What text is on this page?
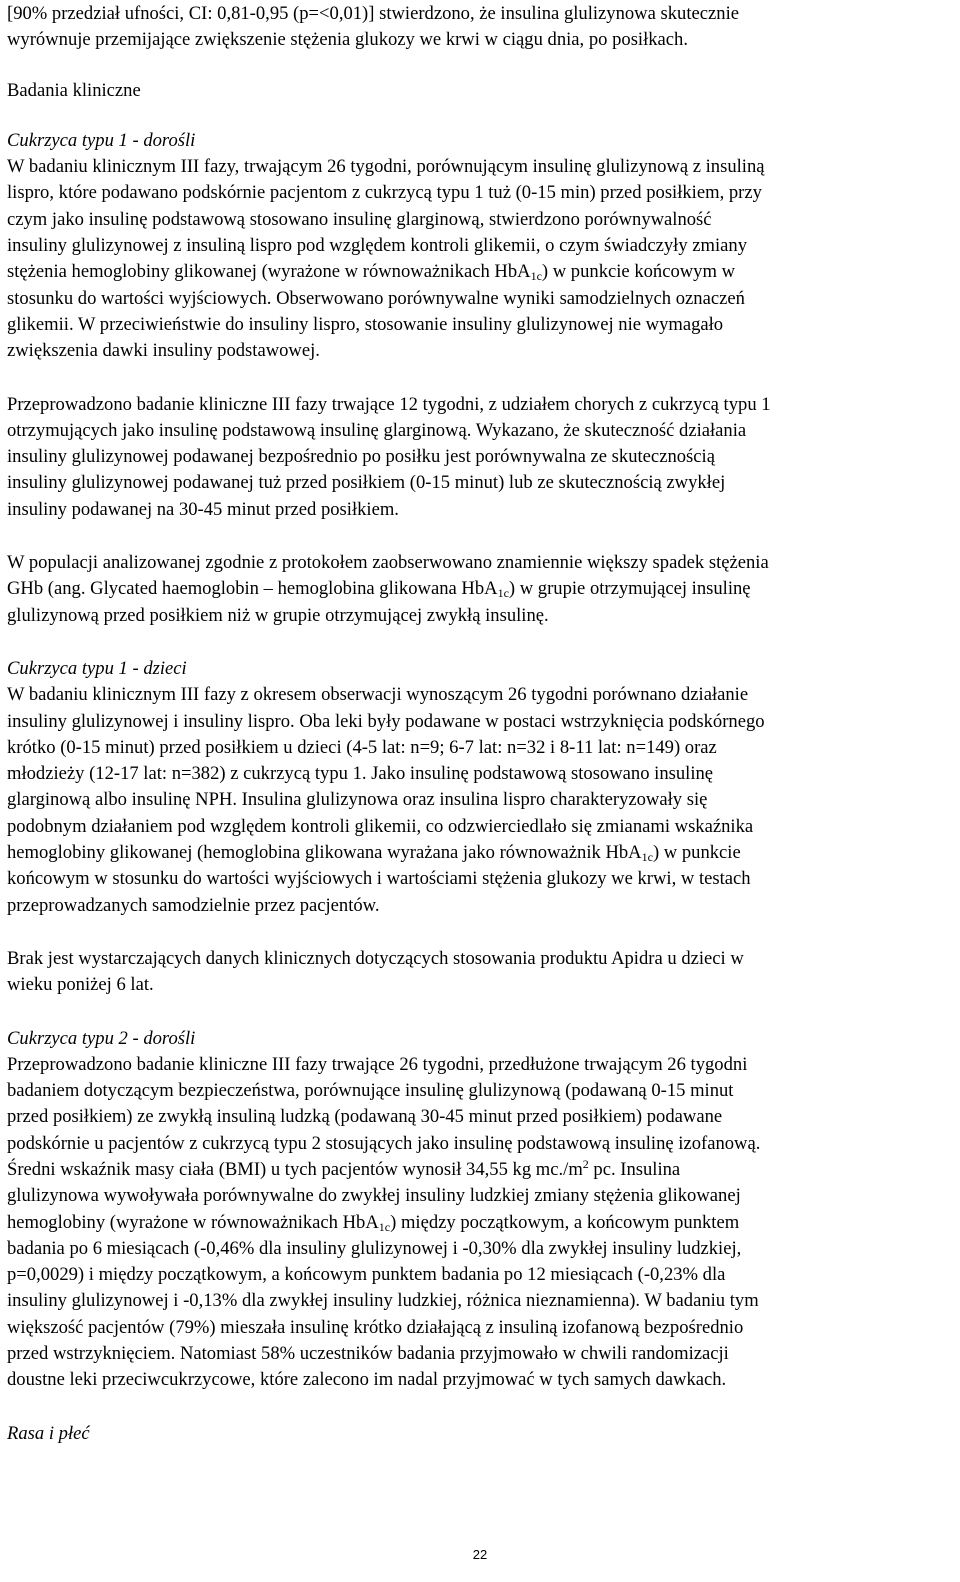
[90% przedział ufności, CI: 0,81-0,95 (p=<0,01)] stwierdzono, że insulina glulizynowa skutecznie
wyrównuje przemijające zwiększenie stężenia glukozy we krwi w ciągu dnia, po posiłkach.
Badania kliniczne
Cukrzyca typu 1 - dorośli
W badaniu klinicznym III fazy, trwającym 26 tygodni, porównującym insulinę glulizynową z insuliną
lispro, które podawano podskórnie pacjentom z cukrzycą typu 1 tuż (0-15 min) przed posiłkiem, przy
czym jako insulinę podstawową stosowano insulinę glarginową, stwierdzono porównywalność
insuliny glulizynowej z insuliną lispro pod względem kontroli glikemii, o czym świadczyły zmiany
stężenia hemoglobiny glikowanej (wyrażone w równoważnikach HbA$_{1c}$) w punkcie końcowym w
stosunku do wartości wyjściowych. Obserwowano porównywalne wyniki samodzielnych oznaczeń
glikemii. W przeciwieństwie do insuliny lispro, stosowanie insuliny glulizynowej nie wymagało
zwiększenia dawki insuliny podstawowej.
Przeprowadzono badanie kliniczne III fazy trwające 12 tygodni, z udziałem chorych z cukrzycą typu 1
otrzymujących jako insulinę podstawową insulinę glarginową. Wykazano, że skuteczność działania
insuliny glulizynowej podawanej bezpośrednio po posiłku jest porównywalna ze skutecznością
insuliny glulizynowej podawanej tuż przed posiłkiem (0-15 minut) lub ze skutecznością zwykłej
insuliny podawanej na 30-45 minut przed posiłkiem.
W populacji analizowanej zgodnie z protokołem zaobserwowano znamiennie większy spadek stężenia
GHb (ang. Glycated haemoglobin – hemoglobina glikowana HbA$_{1c}$) w grupie otrzymującej insulinę
glulizynową przed posiłkiem niż w grupie otrzymującej zwykłą insulinę.
Cukrzyca typu 1 - dzieci
W badaniu klinicznym III fazy z okresem obserwacji wynoszącym 26 tygodni porównano działanie
insuliny glulizynowej i insuliny lispro. Oba leki były podawane w postaci wstrzyknięcia podskórnego
krótko (0-15 minut) przed posiłkiem u dzieci (4-5 lat: n=9; 6-7 lat: n=32 i 8-11 lat: n=149) oraz
młodzieży (12-17 lat: n=382) z cukrzycą typu 1. Jako insulinę podstawową stosowano insulinę
glarginową albo insulinę NPH. Insulina glulizynowa oraz insulina lispro charakteryzowały się
podobnym działaniem pod względem kontroli glikemii, co odzwierciedlało się zmianami wskaźnika
hemoglobiny glikowanej (hemoglobina glikowana wyrażana jako równoważnik HbA$_{1c}$) w punkcie
końcowym w stosunku do wartości wyjściowych i wartościami stężenia glukozy we krwi, w testach
przeprowadzanych samodzielnie przez pacjentów.
Brak jest wystarczających danych klinicznych dotyczących stosowania produktu Apidra u dzieci w
wieku poniżej 6 lat.
Cukrzyca typu 2 - dorośli
Przeprowadzono badanie kliniczne III fazy trwające 26 tygodni, przedłużone trwającym 26 tygodni
badaniem dotyczącym bezpieczeństwa, porównujące insulinę glulizynową (podawaną 0-15 minut
przed posiłkiem) ze zwykłą insuliną ludzką (podawaną 30-45 minut przed posiłkiem) podawane
podskórnie u pacjentów z cukrzycą typu 2 stosujących jako insulinę podstawową insulinę izofanową.
Średni wskaźnik masy ciała (BMI) u tych pacjentów wynosił 34,55 kg $mc./m^2$ pc. Insulina
glulizynowa wywoływała porównywalne do zwykłej insuliny ludzkiej zmiany stężenia glikowanej
hemoglobiny (wyrażone w równoważnikach HbA$_{1c}$) między początkowym, a końcowym punktem
badania po 6 miesiącach (-0,46% dla insuliny glulizynowej i -0,30% dla zwykłej insuliny ludzkiej,
p=0,0029) i między początkowym, a końcowym punktem badania po 12 miesiącach (-0,23% dla
insuliny glulizynowej i -0,13% dla zwykłej insuliny ludzkiej, różnica nieznamienna). W badaniu tym
większość pacjentów (79%) mieszała insulinę krótko działającą z insuliną izofanową bezpośrednio
przed wstrzyknięciem. Natomiast 58% uczestników badania przyjmowało w chwili randomizacji
doustne leki przeciwcukrzycowe, które zalecono im nadal przyjmować w tych samych dawkach.
Rasa i płeć
22
